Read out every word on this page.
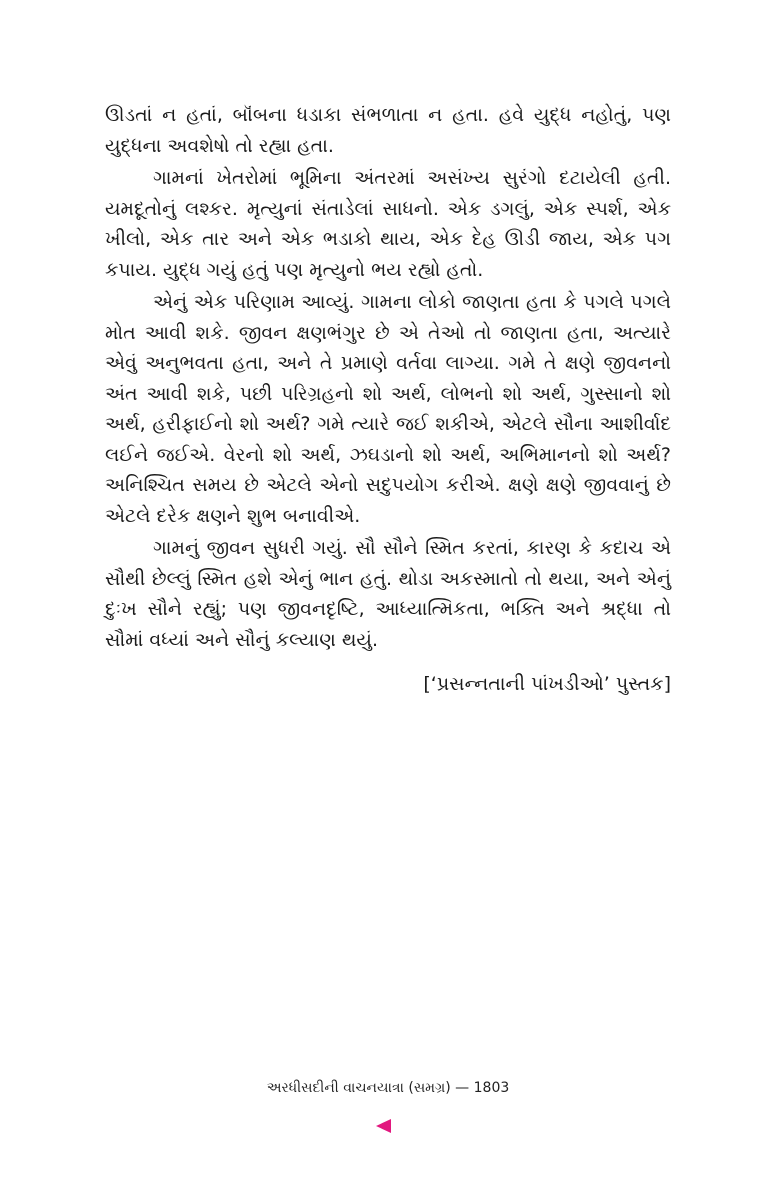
ઊડતાં ન હતાં, બૉંબના ધડાકા સંભળાતા ન હતા. હવે યુદ્ધ નહોતું, પણ યુદ્ધના અવશેષો તો રહ્યા હતા.

ગામનાં ખેતરોમાં ભૂમિના અંતરમાં અસંખ્ય સુરંગો દટાયેલી હતી. યમદૂતોનું લશ્કર. મૃત્યુનાં સંતાડેલાં સાધનો. એક ડગલું, એક સ્પર્શ, એક ખીલો, એક તાર અને એક ભડાકો થાય, એક દેહ ઊડી જાય, એક પગ કપાય. યુદ્ધ ગયું હતું પણ મૃત્યુનો ભય રહ્યો હતો.

એનું એક પરિણામ આવ્યું. ગામના લોકો જાણતા હતા કે પગલે પગલે મોત આવી શકે. જીવન ક્ષણભંગુર છે એ તેઓ તો જાણતા હતા, અત્યારે એવું અનુભવતા હતા, અને તે પ્રમાણે વર્તવા લાગ્યા. ગમે તે ક્ષણે જીવનનો અંત આવી શકે, પછી પરિગ્રહનો શો અર્થ, લોભનો શો અર્થ, ગુસ્સાનો શો અર્થ, હરીફાઈનો શો અર્થ? ગમે ત્યારે જઈ શકીએ, એટલે સૌના આશીર્વાદ લઈને જઈએ. વેરનો શો અર્થ, ઝઘડાનો શો અર્થ, અભિમાનનો શો અર્થ? અનિશ્ચિત સમય છે એટલે એનો સદુપયોગ કરીએ. ક્ષણે ક્ષણે જીવવાનું છે એટલે દરેક ક્ષણને શુભ બનાવીએ.

ગામનું જીવન સુધરી ગયું. સૌ સૌને સ્મિત કરતાં, કારણ કે કદાચ એ સૌથી છેલ્લું સ્મિત હશે એનું ભાન હતું. થોડા અકસ્માતો તો થયા, અને એનું દુઃખ સૌને રહ્યું; પણ જીવનદૃષ્ટિ, આધ્યાત્મિકતા, ભક્તિ અને શ્રદ્ધા તો સૌમાં વધ્યાં અને સૌનું કલ્યાણ થયું.

[‘પ્રસન્નતાની પાંખડીઓ’ પુસ્તક]
અરધીસદીની વાચનયાત્રા (સમગ્ર) — 1803
